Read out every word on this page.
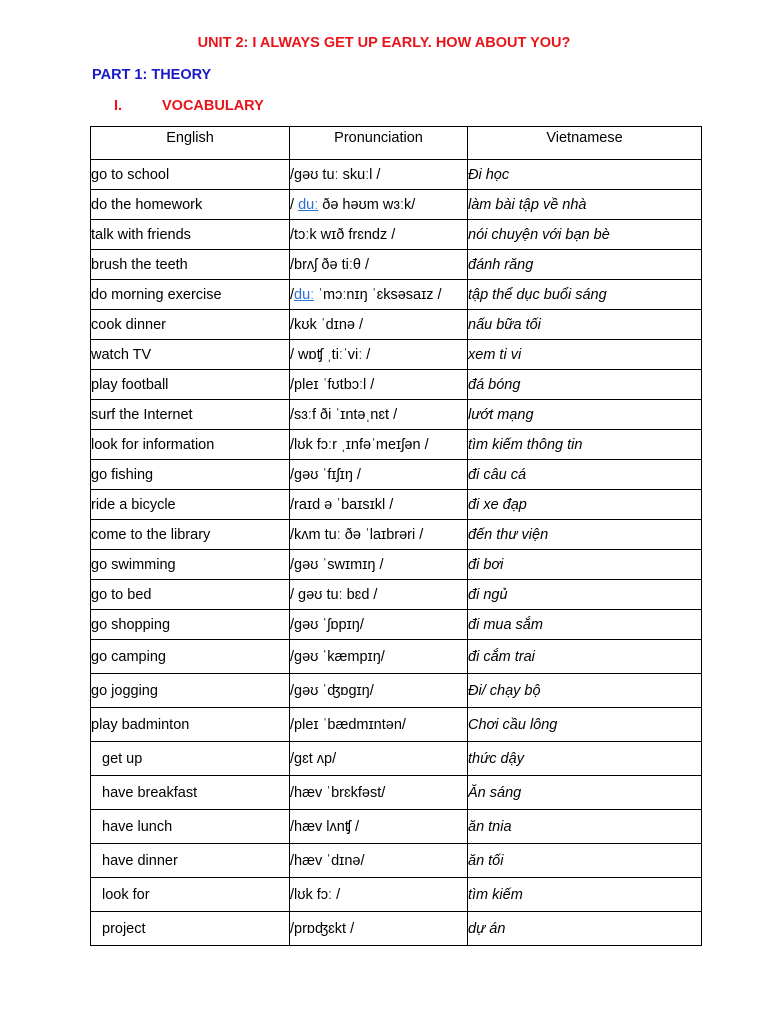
UNIT 2: I ALWAYS GET UP EARLY. HOW ABOUT YOU?
PART 1: THEORY
I.	VOCABULARY
English	Pronunciation	Vietnamese
go to school	/gəʊ tuː skuːl /	Đi học
do the homework	/ duː ðə həʊm wɜːk/	làm bài tập về nhà
talk with friends	/tɔːk wɪð frɛndz /	nói chuyện với bạn bè
brush the teeth	/brʌʃ ðə tiːθ /	đánh răng
do morning exercise	/duː ˈmɔːnɪŋ ˈɛksəsaɪz /	tập thể dục buổi sáng
cook dinner	/kʊk ˈdɪnə /	nấu bữa tối
watch TV	/ wɒʧ ˌtiːˈviː /	xem ti vi
play football	/pleɪ ˈfʊtbɔːl /	đá bóng
surf the Internet	/sɜːf ði ˈɪntəˌnɛt /	lướt mạng
look for information	/lʊk fɔːr ˌɪnfəˈmeɪʃən /	tìm kiếm thông tin
go fishing	/gəʊ ˈfɪʃɪŋ /	đi câu cá
ride a bicycle	/raɪd ə ˈbaɪsɪkl /	đi xe đạp
come to the library	/kʌm tuː ðə ˈlaɪbrəri /	đến thư viện
go swimming	/gəʊ ˈswɪmɪŋ /	đi bơi
go to bed	/ gəʊ tuː bɛd /	đi ngủ
go shopping	/gəʊ ˈʃɒpɪŋ/	đi mua sắm
go camping	/gəʊ ˈkæmpɪŋ/	đi cắm trai
go jogging	/gəʊ ˈʤɒgɪŋ/	Đi/ chạy bộ
play badminton	/pleɪ ˈbædmɪntən/	Chơi cầu lông
get up	/gɛt ʌp/	thức dậy
have breakfast	/hæv ˈbrɛkfəst/	Ăn sáng
have lunch	/hæv lʌnʧ /	ăn tnia
have dinner	/hæv ˈdɪnə/	ăn tối
look for	/lʊk fɔː /	tìm kiếm
project	/prɒʤɛkt /	dự án
